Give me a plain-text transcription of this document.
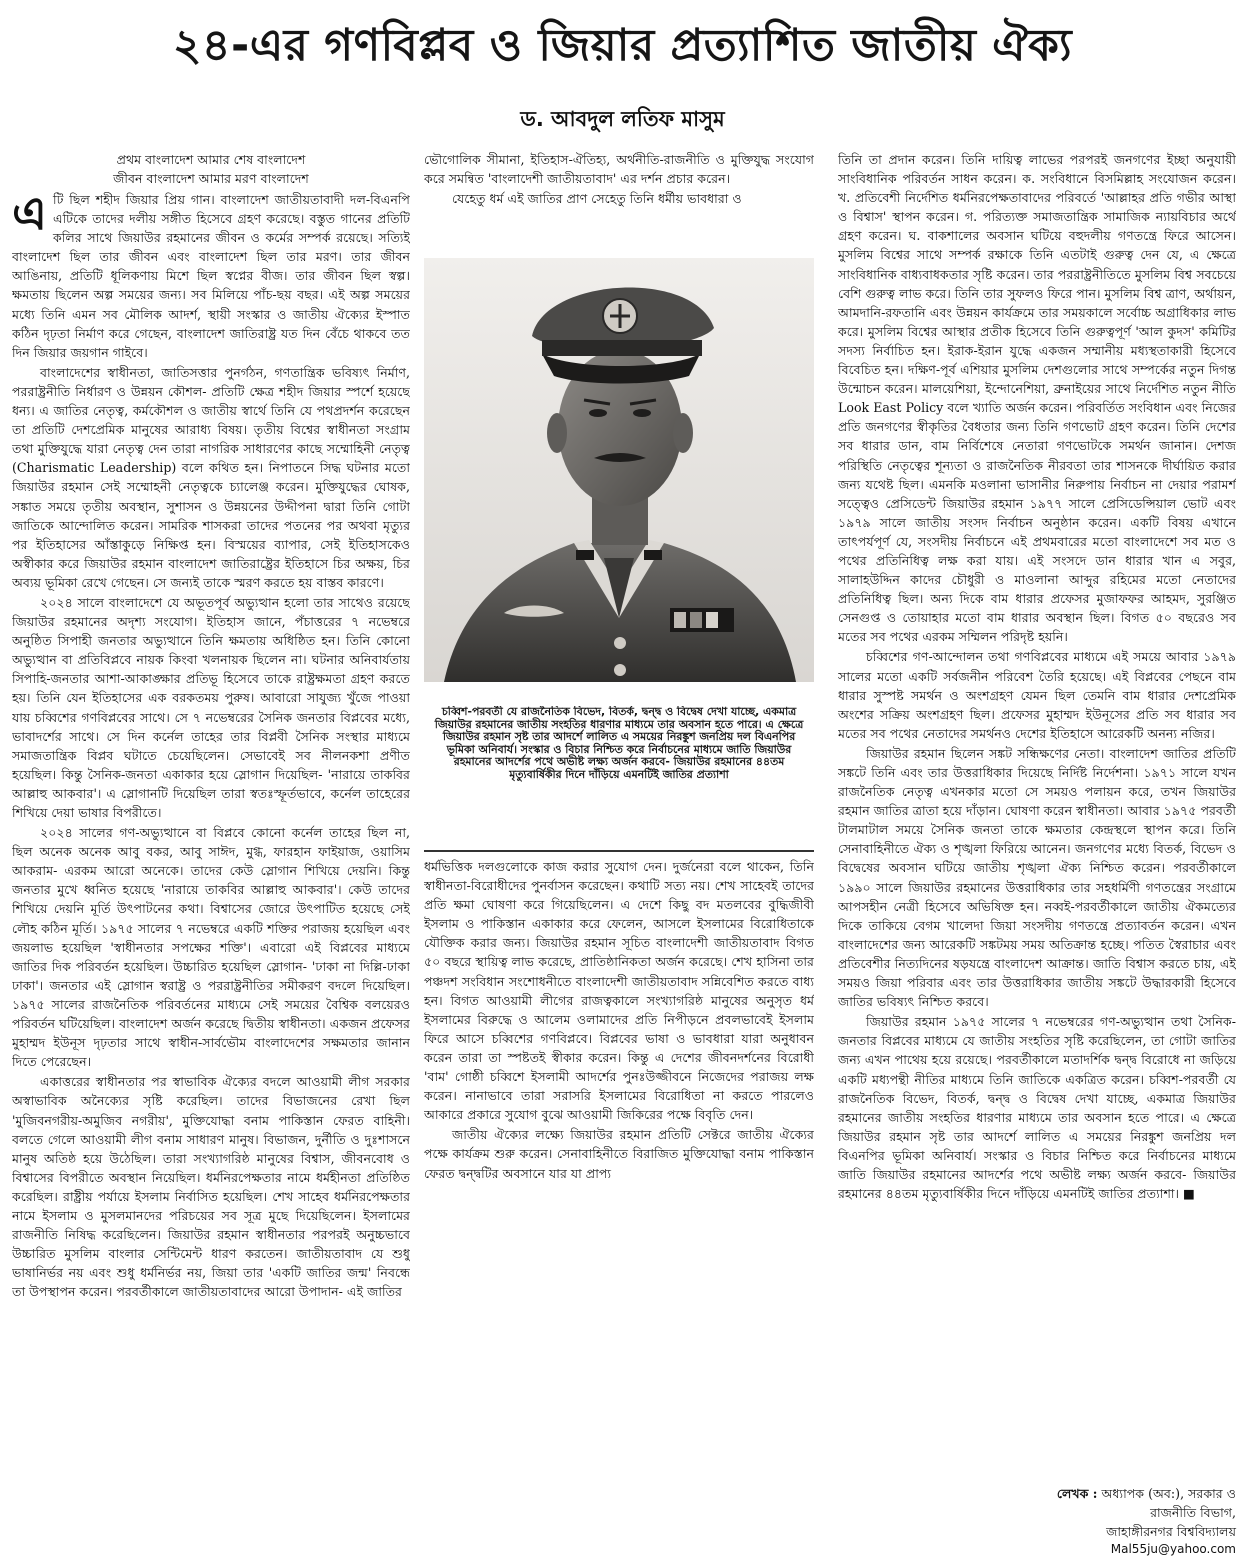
২৪-এর গণবিপ্লব ও জিয়ার প্রত্যাশিত জাতীয় ঐক্য
ড. আবদুল লতিফ মাসুম
প্রথম বাংলাদেশ আমার শেষ বাংলাদেশ
জীবন বাংলাদেশ আমার মরণ বাংলাদেশ

এটি ছিল শহীদ জিয়ার প্রিয় গান। বাংলাদেশ জাতীয়তাবাদী দল-বিএনপি এটিকে তাদের দলীয় সঙ্গীত হিসেবে গ্রহণ করেছে। বস্তুত গানের প্রতিটি কলির সাথে জিয়াউর রহমানের জীবন ও কর্মের সম্পর্ক রয়েছে। সত্যিই বাংলাদেশ ছিল তার জীবন এবং বাংলাদেশ ছিল তার মরণ। তার জীবন আঙিনায়, প্রতিটি ধূলিকণায় মিশে ছিল স্বপ্নের বীজ। তার জীবন ছিল স্বল্প। ক্ষমতায় ছিলেন অল্প সময়ের জন্য। সব মিলিয়ে পাঁচ-ছয় বছর। এই অল্প সময়ের মধ্যে তিনি এমন সব মৌলিক আদর্শ, স্থায়ী সংস্কার ও জাতীয় ঐক্যের ইস্পাত কঠিন দৃঢ়তা নির্মাণ করে গেছেন, বাংলাদেশ জাতিরাষ্ট্র যত দিন বেঁচে থাকবে তত দিন জিয়ার জয়গান গাইবে।

বাংলাদেশের স্বাধীনতা, জাতিসত্তার পুনর্গঠন, গণতান্ত্রিক ভবিষ্যৎ নির্মাণ, পররাষ্ট্রনীতি নির্ধারণ ও উন্নয়ন কৌশল- প্রতিটি ক্ষেত্র শহীদ জিয়ার স্পর্শে হয়েছে ধন্য। এ জাতির নেতৃত্ব, কর্মকৌশল ও জাতীয় স্বার্থে তিনি যে পথপ্রদর্শন করেছেন তা প্রতিটি দেশপ্রেমিক মানুষের আরাধ্য বিষয়। তৃতীয় বিশ্বের স্বাধীনতা সংগ্রাম তথা মুক্তিযুদ্ধে যারা নেতৃত্ব দেন তারা নাগরিক সাধারণের কাছে সম্মোহিনী নেতৃত্ব (Charismatic Leadership) বলে কথিত হন। নিপাতনে সিদ্ধ ঘটনার মতো জিয়াউর রহমান সেই সম্মোহনী নেতৃত্বকে চ্যালেঞ্জ করেন। মুক্তিযুদ্ধের ঘোষক, সঙ্কাত সময়ে তৃতীয় অবস্থান, সুশাসন ও উন্নয়নের উদ্দীপনা দ্বারা তিনি গোটা জাতিকে আন্দোলিত করেন। সামরিক শাসকরা তাদের পতনের পর অথবা মৃত্যুর পর ইতিহাসের আঁস্তাকুড়ে নিক্ষিপ্ত হন। বিস্ময়ের ব্যাপার, সেই ইতিহাসকেও অস্বীকার করে জিয়াউর রহমান বাংলাদেশ জাতিরাষ্ট্রের ইতিহাসে চির অক্ষয়, চির অব্যয় ভূমিকা রেখে গেছেন। সে জন্যই তাকে স্মরণ করতে হয় বাস্তব কারণে।

২০২৪ সালে বাংলাদেশে যে অভূতপূর্ব অভ্যুত্থান হলো তার সাথেও রয়েছে জিয়াউর রহমানের অদৃশ্য সংযোগ। ইতিহাস জানে, পঁচাত্তরের ৭ নভেম্বরে অনুষ্ঠিত সিপাহী জনতার অভ্যুত্থানে তিনি ক্ষমতায় অধিষ্ঠিত হন। তিনি কোনো অভ্যুত্থান বা প্রতিবিপ্লবে নায়ক কিংবা খলনায়ক ছিলেন না। ঘটনার অনিবার্যতায় সিপাহি-জনতার আশা-আকাঙ্ক্ষার প্রতিভূ হিসেবে তাকে রাষ্ট্রক্ষমতা গ্রহণ করতে হয়। তিনি যেন ইতিহাসের এক বরকতময় পুরুষ। আবারো সাযুজ্য খুঁজে পাওয়া যায় চব্বিশের গণবিপ্লবের সাথে। সে ৭ নভেম্বরের সৈনিক জনতার বিপ্লবের মধ্যে, ভাবাদর্শের সাথে। সে দিন কর্নেল তাহের তার বিপ্লবী সৈনিক সংস্থার মাধ্যমে সমাজতান্ত্রিক বিপ্লব ঘটাতে চেয়েছিলেন। সেভাবেই সব নীলনকশা প্রণীত হয়েছিল। কিন্তু সৈনিক-জনতা একাকার হয়ে স্লোগান দিয়েছিল- 'নারায়ে তাকবির আল্লাহু আকবার'। এ স্লোগানটি দিয়েছিল তারা স্বতঃস্ফূর্তভাবে, কর্নেল তাহেরের শিখিয়ে দেয়া ভাষার বিপরীতে।

২০২৪ সালের গণ-অভ্যুত্থানে বা বিপ্লবে কোনো কর্নেল তাহের ছিল না, ছিল অনেক অনেক আবু বকর, আবু সাঈদ, মুগ্ধ, ফারহান ফাইয়াজ, ওয়াসিম আকরাম- এরকম আরো অনেকে। তাদের কেউ স্লোগান শিখিয়ে দেয়নি। কিন্তু জনতার মুখে ধ্বনিত হয়েছে 'নারায়ে তাকবির আল্লাহু আকবার'। কেউ তাদের শিখিয়ে দেয়নি মূর্তি উৎপাটনের কথা। বিশ্বাসের জোরে উৎপাটিত হয়েছে সেই লৌহ কঠিন মূর্তি। ১৯৭৫ সালের ৭ নভেম্বরে একটি শক্তির পরাজয় হয়েছিল এবং জয়লাভ হয়েছিল 'স্বাধীনতার সপক্ষের শক্তি'। এবারো এই বিপ্লবের মাধ্যমে জাতির দিক পরিবর্তন হয়েছিল। উচ্চারিত হয়েছিল স্লোগান- 'ঢাকা না দিল্লি-ঢাকা ঢাকা'। জনতার এই স্লোগান স্বরাষ্ট্র ও পররাষ্ট্রনীতির সমীকরণ বদলে দিয়েছিল। ১৯৭৫ সালের রাজনৈতিক পরিবর্তনের মাধ্যমে সেই সময়ের বৈশ্বিক বলয়েরও পরিবর্তন ঘটিয়েছিল। বাংলাদেশ অর্জন করেছে দ্বিতীয় স্বাধীনতা। একজন প্রফেসর মুহাম্মদ ইউনূস দৃঢ়তার সাথে স্বাধীন-সার্বভৌম বাংলাদেশের সক্ষমতার জানান দিতে পেরেছেন।

একাত্তরের স্বাধীনতার পর স্বাভাবিক ঐক্যের বদলে আওয়ামী লীগ সরকার অস্বাভাবিক অনৈক্যের সৃষ্টি করেছিল। তাদের বিভাজনের রেখা ছিল 'মুজিবনগরীয়-অমুজিব নগরীয়', মুক্তিযোদ্ধা বনাম পাকিস্তান ফেরত বাহিনী। বলতে গেলে আওয়ামী লীগ বনাম সাধারণ মানুষ। বিভাজন, দুর্নীতি ও দুঃশাসনে মানুষ অতিষ্ঠ হয়ে উঠেছিল। তারা সংখ্যাগরিষ্ঠ মানুষের বিশ্বাস, জীবনবোধ ও বিশ্বাসের বিপরীতে অবস্থান নিয়েছিল। ধর্মনিরপেক্ষতার নামে ধর্মহীনতা প্রতিষ্ঠিত করেছিল। রাষ্ট্রীয় পর্যায়ে ইসলাম নির্বাসিত হয়েছিল। শেখ সাহেব ধর্মনিরপেক্ষতার নামে ইসলাম ও মুসলমানদের পরিচয়ের সব সূত্র মুছে দিয়েছিলেন। ইসলামের রাজনীতি নিষিদ্ধ করেছিলেন। জিয়াউর রহমান স্বাধীনতার পরপরই অনুচ্চভাবে উচ্চারিত মুসলিম বাংলার সেন্টিমেন্ট ধারণ করতেন। জাতীয়তাবাদ যে শুধু ভাষানির্ভর নয় এবং শুধু ধর্মনির্ভর নয়, জিয়া তার 'একটি জাতির জন্ম' নিবন্ধে তা উপস্থাপন করেন। পরবর্তীকালে জাতীয়তাবাদের আরো উপাদান- এই জাতির

ভৌগোলিক সীমানা, ইতিহাস-ঐতিহ্য, অর্থনীতি-রাজনীতি ও মুক্তিযুদ্ধ সংযোগ করে সমন্বিত 'বাংলাদেশী জাতীয়তাবাদ' এর দর্শন প্রচার করেন।

যেহেতু ধর্ম এই জাতির প্রাণ সেহেতু তিনি ধর্মীয় ভাবধারা ও

চব্বিশ-পরবর্তী যে রাজনৈতিক বিভেদ, বিতর্ক, দ্বন্দ্ব ও বিদ্বেষ দেখা যাচ্ছে, একমাত্র জিয়াউর রহমানের জাতীয় সংহতির ধারণার মাধ্যমে তার অবসান হতে পারে। এ ক্ষেত্রে জিয়াউর রহমান সৃষ্ট তার আদর্শে লালিত এ সময়ের নিরঙ্কুশ জনপ্রিয় দল বিএনপির ভূমিকা অনিবার্য। সংস্কার ও বিচার নিশ্চিত করে নির্বাচনের মাধ্যমে জাতি জিয়াউর রহমানের আদর্শের পথে অভীষ্ট লক্ষ্য অর্জন করবে- জিয়াউর রহমানের ৪৪তম মৃত্যুবার্ষিকীর দিনে দাঁড়িয়ে এমনটিই জাতির প্রত্যাশা

ধর্মভিত্তিক দলগুলোকে কাজ করার সুযোগ দেন। দুর্জনেরা বলে থাকেন, তিনি স্বাধীনতা-বিরোধীদের পুনর্বাসন করেছেন। কথাটি সত্য নয়। শেখ সাহেবই তাদের প্রতি ক্ষমা ঘোষণা করে গিয়েছিলেন। এ দেশে কিছু বদ মতলবের বুদ্ধিজীবী ইসলাম ও পাকিস্তান একাকার করে ফেলেন, আসলে ইসলামের বিরোধিতাকে যৌক্তিক করার জন্য। জিয়াউর রহমান সূচিত বাংলাদেশী জাতীয়তাবাদ বিগত ৫০ বছরে স্থায়িত্ব লাভ করেছে, প্রাতিষ্ঠানিকতা অর্জন করেছে। শেখ হাসিনা তার পঞ্চদশ সংবিধান সংশোধনীতে বাংলাদেশী জাতীয়তাবাদ সন্নিবেশিত করতে বাধ্য হন। বিগত আওয়ামী লীগের রাজত্বকালে সংখ্যাগরিষ্ঠ মানুষের অনুসৃত ধর্ম ইসলামের বিরুদ্ধে ও আলেম ওলামাদের প্রতি নিপীড়নে প্রবলভাবেই ইসলাম ফিরে আসে চব্বিশের গণবিপ্লবে। বিপ্লবের ভাষা ও ভাবধারা যারা অনুধাবন করেন তারা তা স্পষ্টতই স্বীকার করেন। কিন্তু এ দেশের জীবনদর্শনের বিরোধী 'বাম' গোষ্ঠী চব্বিশে ইসলামী আদর্শের পুনঃউজ্জীবনে নিজেদের পরাজয় লক্ষ করেন। নানাভাবে তারা সরাসরি ইসলামের বিরোধিতা না করতে পারলেও আকারে প্রকারে সুযোগ বুঝে আওয়ামী জিকিরের পক্ষে বিবৃতি দেন।

জাতীয় ঐক্যের লক্ষ্যে জিয়াউর রহমান প্রতিটি সেক্টরে জাতীয় ঐক্যের পক্ষে কার্যক্রম শুরু করেন। সেনাবাহিনীতে বিরাজিত মুক্তিযোদ্ধা বনাম পাকিস্তান ফেরত দ্বন্দ্বটির অবসানে যার যা প্রাপ্য

তিনি তা প্রদান করেন। তিনি দায়িত্ব লাভের পরপরই জনগণের ইচ্ছা অনুযায়ী সাংবিধানিক পরিবর্তন সাধন করেন। ক. সংবিধানে বিসমিল্লাহ সংযোজন করেন। খ. প্রতিবেশী নির্দেশিত ধর্মনিরপেক্ষতাবাদের পরিবর্তে 'আল্লাহর প্রতি গভীর আস্থা ও বিশ্বাস' স্থাপন করেন। গ. পরিত্যক্ত সমাজতান্ত্রিক সামাজিক ন্যায়বিচার অর্থে গ্রহণ করেন। ঘ. বাকশালের অবসান ঘটিয়ে বহুদলীয় গণতন্ত্রে ফিরে আসেন। মুসলিম বিশ্বের সাথে সম্পর্ক রক্ষাকে তিনি এতটাই গুরুত্ব দেন যে, এ ক্ষেত্রে সাংবিধানিক বাধ্যবাধকতার সৃষ্টি করেন। তার পররাষ্ট্রনীতিতে মুসলিম বিশ্ব সবচেয়ে বেশি গুরুত্ব লাভ করে। তিনি তার সুফলও ফিরে পান। মুসলিম বিশ্ব ত্রাণ, অর্থায়ন, আমদানি-রফতানি এবং উন্নয়ন কার্যক্রমে তার সময়কালে সর্বোচ্চ অগ্রাধিকার লাভ করে। মুসলিম বিশ্বের আস্থার প্রতীক হিসেবে তিনি গুরুত্বপূর্ণ 'আল কুদস' কমিটির সদস্য নির্বাচিত হন। ইরাক-ইরান যুদ্ধে একজন সম্মানীয় মধ্যস্থতাকারী হিসেবে বিবেচিত হন। দক্ষিণ-পূর্ব এশিয়ার মুসলিম দেশগুলোর সাথে সম্পর্কের নতুন দিগন্ত উন্মোচন করেন। মালয়েশিয়া, ইন্দোনেশিয়া, ব্রুনাইয়ের সাথে নির্দেশিত নতুন নীতি Look East Policy বলে খ্যাতি অর্জন করেন। পরিবর্তিত সংবিধান এবং নিজের প্রতি জনগণের স্বীকৃতির বৈধতার জন্য তিনি গণভোট গ্রহণ করেন। তিনি দেশের সব ধারার ডান, বাম নির্বিশেষে নেতারা গণভোটকে সমর্থন জানান। দেশজ পরিস্থিতি নেতৃত্বের শূন্যতা ও রাজনৈতিক নীরবতা তার শাসনকে দীর্ঘায়িত করার জন্য যথেষ্ট ছিল। এমনকি মওলানা ভাসানীর নিরুপায় নির্বাচন না দেয়ার পরামর্শ সত্ত্বেও প্রেসিডেন্ট জিয়াউর রহমান ১৯৭৭ সালে প্রেসিডেন্সিয়াল ভোট এবং ১৯৭৯ সালে জাতীয় সংসদ নির্বাচন অনুষ্ঠান করেন। একটি বিষয় এখানে তাৎপর্যপূর্ণ যে, সংসদীয় নির্বাচনে এই প্রথমবারের মতো বাংলাদেশে সব মত ও পথের প্রতিনিধিত্ব লক্ষ করা যায়। এই সংসদে ডান ধারার খান এ সবুর, সালাহউদ্দিন কাদের চৌধুরী ও মাওলানা আব্দুর রহিমের মতো নেতাদের প্রতিনিধিত্ব ছিল। অন্য দিকে বাম ধারার প্রফেসর মুজাফফর আহমদ, সুরঞ্জিত সেনগুপ্ত ও তোয়াহার মতো বাম ধারার অবস্থান ছিল। বিগত ৫০ বছরেও সব মতের সব পথের এরকম সম্মিলন পরিদৃষ্ট হয়নি।

চব্বিশের গণ-আন্দোলন তথা গণবিপ্লবের মাধ্যমে এই সময়ে আবার ১৯৭৯ সালের মতো একটি সর্বজনীন পরিবেশ তৈরি হয়েছে। এই বিপ্লবের পেছনে বাম ধারার সুস্পষ্ট সমর্থন ও অংশগ্রহণ যেমন ছিল তেমনি বাম ধারার দেশপ্রেমিক অংশের সক্রিয় অংশগ্রহণ ছিল। প্রফেসর মুহাম্মদ ইউনূসের প্রতি সব ধারার সব মতের সব পথের নেতাদের সমর্থনও দেশের ইতিহাসে আরেকটি অনন্য নজির।

জিয়াউর রহমান ছিলেন সঙ্কট সন্ধিক্ষণের নেতা। বাংলাদেশ জাতির প্রতিটি সঙ্কটে তিনি এবং তার উত্তরাধিকার দিয়েছে নির্দিষ্ট নির্দেশনা। ১৯৭১ সালে যখন রাজনৈতিক নেতৃত্ব এখনকার মতো সে সময়ও পলায়ন করে, তখন জিয়াউর রহমান জাতির ত্রাতা হয়ে দাঁড়ান। ঘোষণা করেন স্বাধীনতা। আবার ১৯৭৫ পরবর্তী টালমাটাল সময়ে সৈনিক জনতা তাকে ক্ষমতার কেন্দ্রস্থলে স্থাপন করে। তিনি সেনাবাহিনীতে ঐক্য ও শৃঙ্খলা ফিরিয়ে আনেন। জনগণের মধ্যে বিতর্ক, বিভেদ ও বিদ্বেষের অবসান ঘটিয়ে জাতীয় শৃঙ্খলা ঐক্য নিশ্চিত করেন। পরবর্তীকালে ১৯৯০ সালে জিয়াউর রহমানের উত্তরাধিকার তার সহধর্মিণী গণতন্ত্রের সংগ্রামে আপসহীন নেত্রী হিসেবে অভিষিক্ত হন। নব্বই-পরবর্তীকালে জাতীয় ঐকমত্যের দিকে তাকিয়ে বেগম খালেদা জিয়া সংসদীয় গণতন্ত্রে প্রত্যাবর্তন করেন। এখন বাংলাদেশের জন্য আরেকটি সঙ্কটময় সময় অতিক্রান্ত হচ্ছে। পতিত স্বৈরাচার এবং প্রতিবেশীর নিত্যদিনের ষড়যন্ত্রে বাংলাদেশ আক্রান্ত। জাতি বিশ্বাস করতে চায়, এই সময়ও জিয়া পরিবার এবং তার উত্তরাধিকার জাতীয় সঙ্কটে উদ্ধারকারী হিসেবে জাতির ভবিষ্যৎ নিশ্চিত করবে।

জিয়াউর রহমান ১৯৭৫ সালের ৭ নভেম্বরের গণ-অভ্যুত্থান তথা সৈনিক-জনতার বিপ্লবের মাধ্যমে যে জাতীয় সংহতির সৃষ্টি করেছিলেন, তা গোটা জাতির জন্য এখন পাথেয় হয়ে রয়েছে। পরবর্তীকালে মতাদর্শিক দ্বন্দ্ব বিরোধে না জড়িয়ে একটি মধ্যপন্থী নীতির মাধ্যমে তিনি জাতিকে একত্রিত করেন। চব্বিশ-পরবর্তী যে রাজনৈতিক বিভেদ, বিতর্ক, দ্বন্দ্ব ও বিদ্বেষ দেখা যাচ্ছে, একমাত্র জিয়াউর রহমানের জাতীয় সংহতির ধারণার মাধ্যমে তার অবসান হতে পারে। এ ক্ষেত্রে জিয়াউর রহমান সৃষ্ট তার আদর্শে লালিত এ সময়ের নিরঙ্কুশ জনপ্রিয় দল বিএনপির ভূমিকা অনিবার্য। সংস্কার ও বিচার নিশ্চিত করে নির্বাচনের মাধ্যমে জাতি জিয়াউর রহমানের আদর্শের পথে অভীষ্ট লক্ষ্য অর্জন করবে- জিয়াউর রহমানের ৪৪তম মৃত্যুবার্ষিকীর দিনে দাঁড়িয়ে এমনটিই জাতির প্রত্যাশা। ■

লেখক : অধ্যাপক (অব:), সরকার ও
রাজনীতি বিভাগ,
জাহাঙ্গীরনগর বিশ্ববিদ্যালয়
Mal55ju@yahoo.com
